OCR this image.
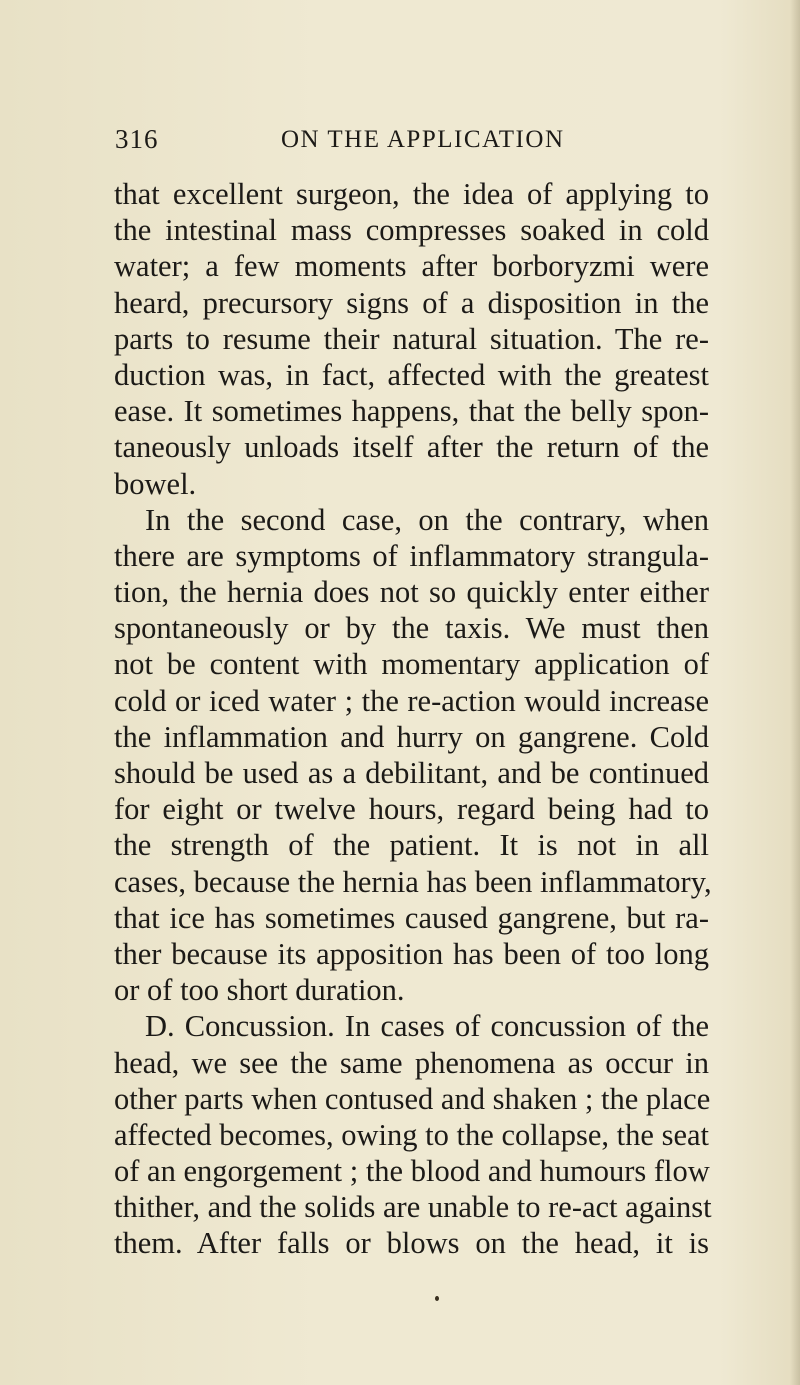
316	ON THE APPLICATION
that excellent surgeon, the idea of applying to
the intestinal mass compresses soaked in cold
water; a few moments after borboryzmi were
heard, precursory signs of a disposition in the
parts to resume their natural situation. The re-
duction was, in fact, affected with the greatest
ease. It sometimes happens, that the belly spon-
taneously unloads itself after the return of the
bowel.
In the second case, on the contrary, when
there are symptoms of inflammatory strangula-
tion, the hernia does not so quickly enter either
spontaneously or by the taxis. We must then
not be content with momentary application of
cold or iced water ; the re-action would increase
the inflammation and hurry on gangrene. Cold
should be used as a debilitant, and be continued
for eight or twelve hours, regard being had to
the strength of the patient. It is not in all
cases, because the hernia has been inflammatory,
that ice has sometimes caused gangrene, but ra-
ther because its apposition has been of too long
or of too short duration.
D. Concussion. In cases of concussion of the
head, we see the same phenomena as occur in
other parts when contused and shaken ; the place
affected becomes, owing to the collapse, the seat
of an engorgement ; the blood and humours flow
thither, and the solids are unable to re-act against
them. After falls or blows on the head, it is
